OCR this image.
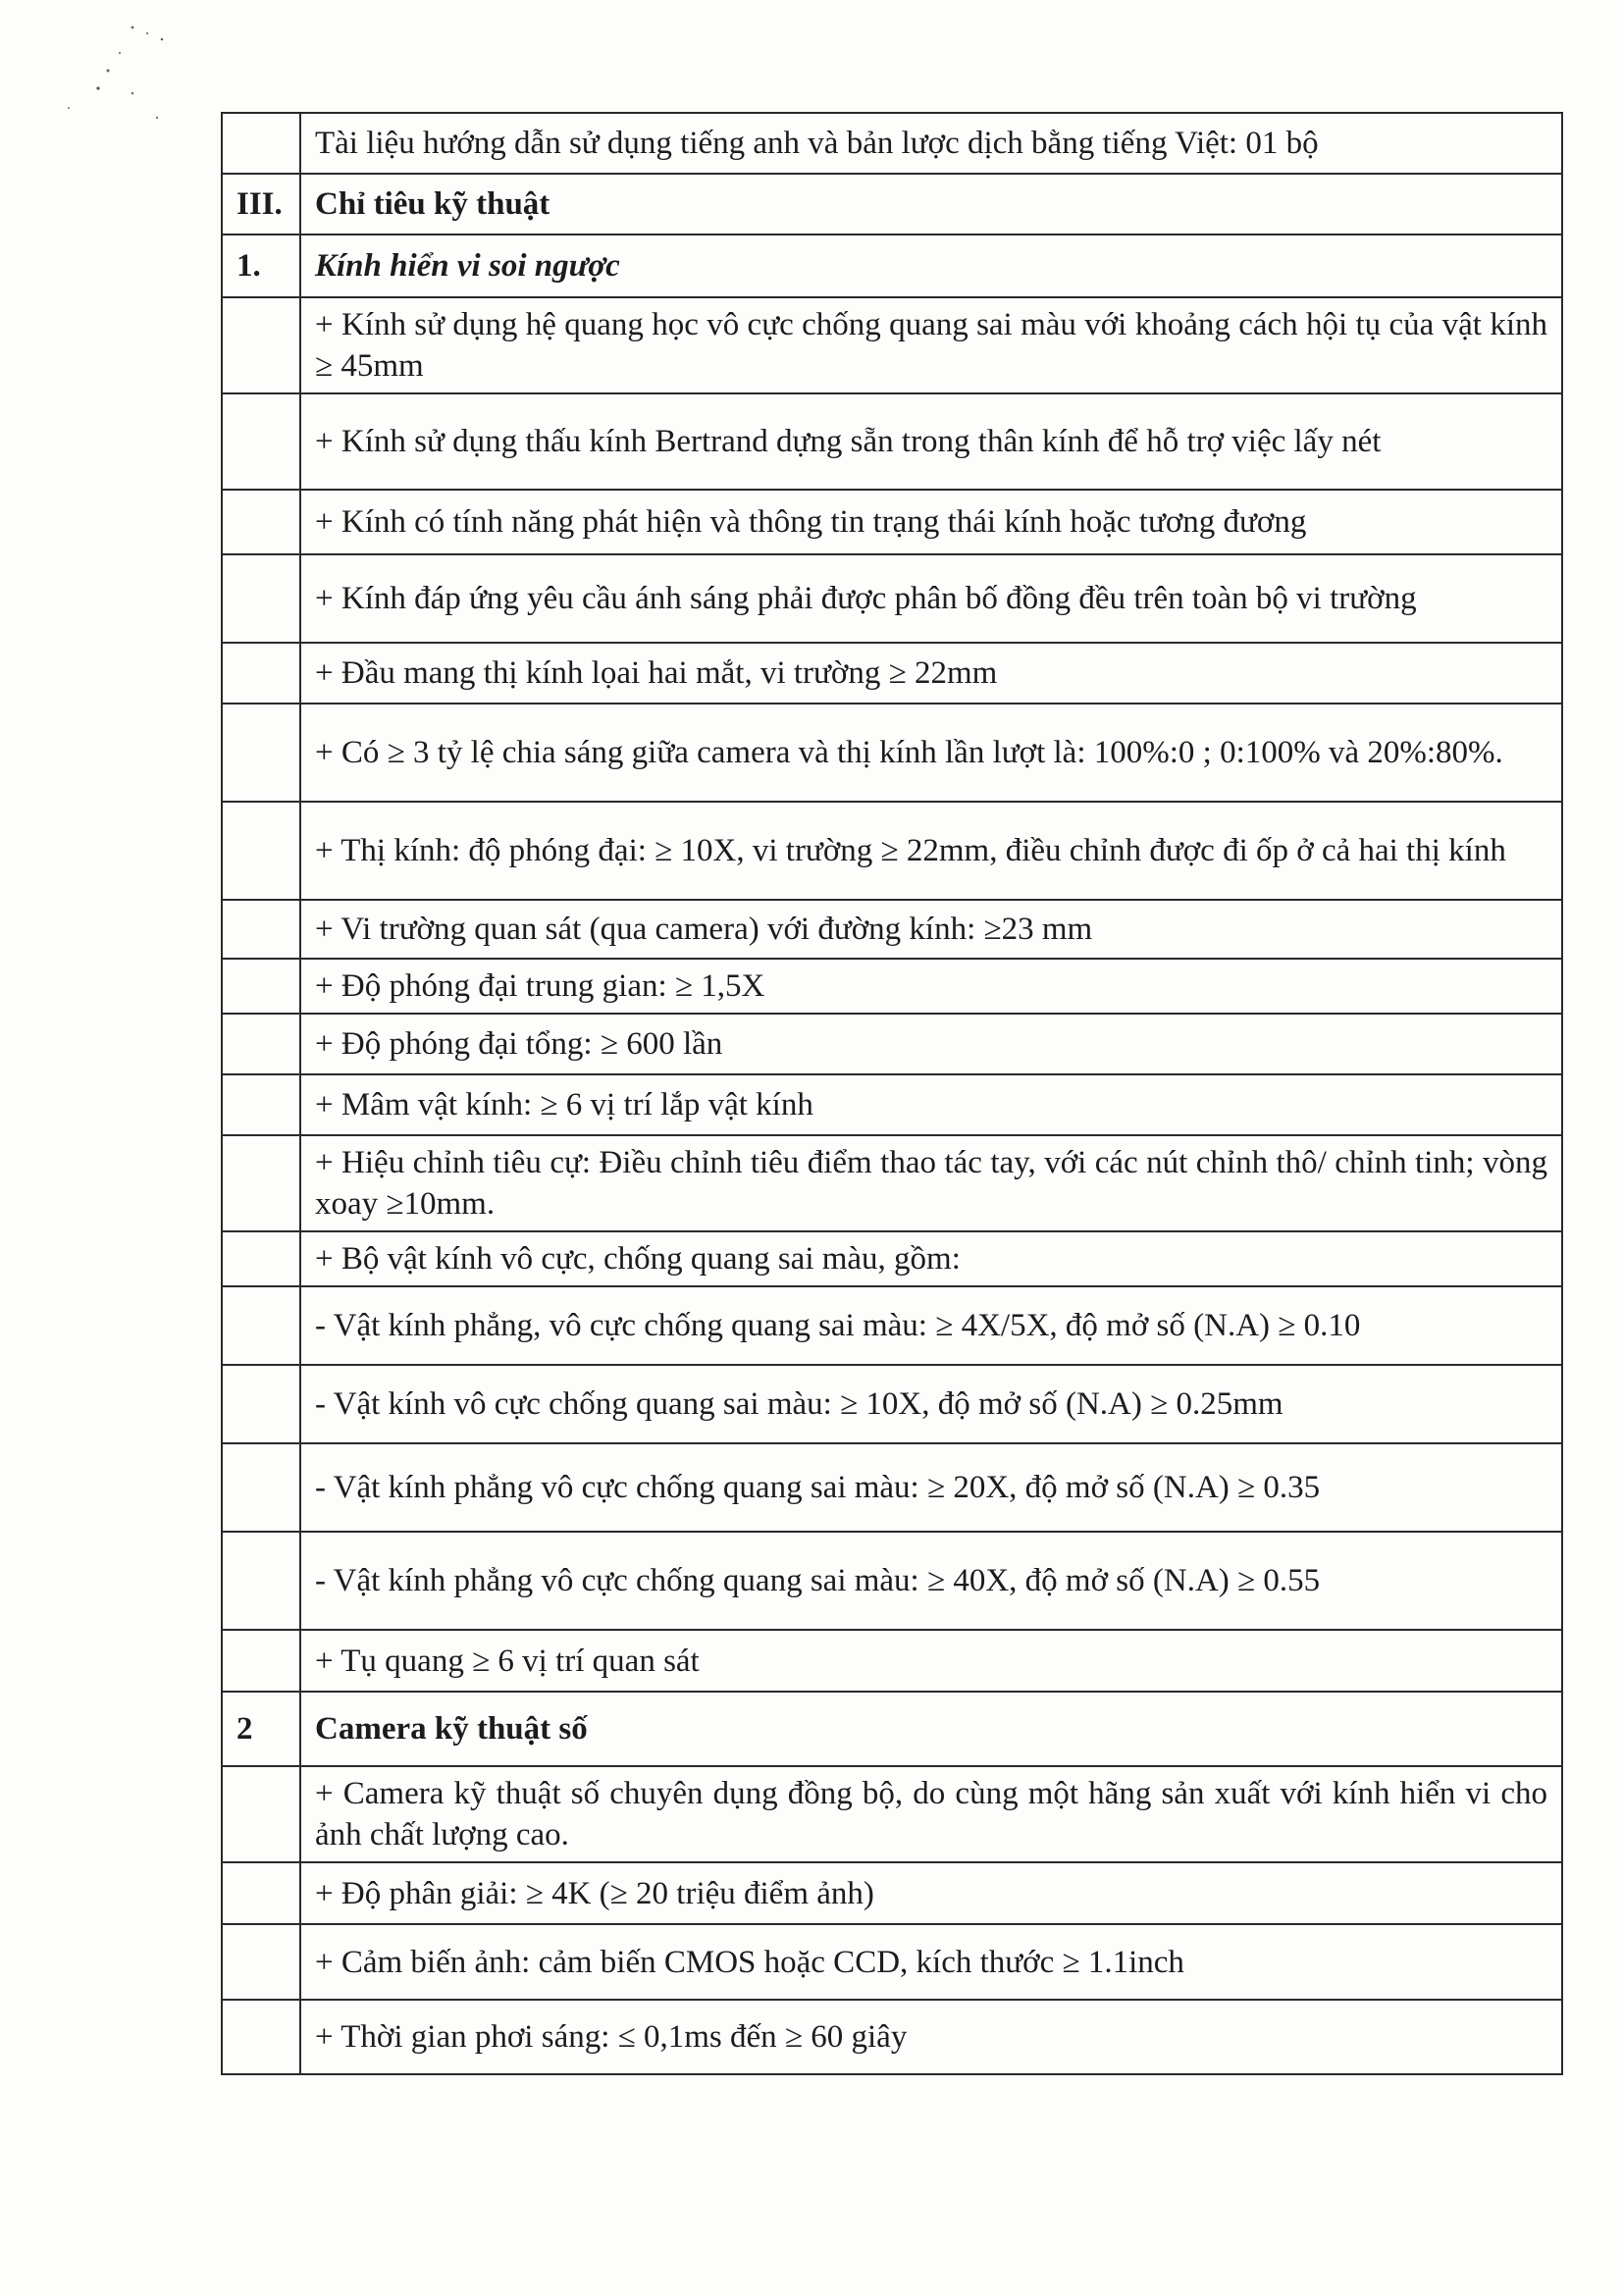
	Tài liệu hướng dẫn sử dụng tiếng anh và bản lược dịch bằng tiếng Việt: 01 bộ
III.	Chỉ tiêu kỹ thuật
1.	Kính hiển vi soi ngược
	+ Kính sử dụng hệ quang học vô cực chống quang sai màu với khoảng cách hội tụ của vật kính ≥ 45mm
	+ Kính sử dụng thấu kính Bertrand dựng sẵn trong thân kính để hỗ trợ việc lấy nét
	+ Kính có tính năng phát hiện và thông tin trạng thái kính hoặc tương đương
	+ Kính đáp ứng yêu cầu ánh sáng phải được phân bố đồng đều trên toàn bộ vi trường
	+ Đầu mang thị kính lọai hai mắt, vi trường ≥ 22mm
	+ Có ≥ 3 tỷ lệ chia sáng giữa camera và thị kính lần lượt là: 100%:0 ; 0:100% và 20%:80%.
	+ Thị kính: độ phóng đại: ≥ 10X, vi trường ≥ 22mm, điều chỉnh được đi ốp ở cả hai thị kính
	+ Vi trường quan sát (qua camera) với đường kính: ≥23 mm
	+ Độ phóng đại trung gian: ≥ 1,5X
	+ Độ phóng đại tổng: ≥ 600 lần
	+ Mâm vật kính: ≥ 6 vị trí lắp vật kính
	+ Hiệu chỉnh tiêu cự: Điều chỉnh tiêu điểm thao tác tay, với các nút chỉnh thô/ chỉnh tinh; vòng xoay ≥10mm.
	+ Bộ vật kính vô cực, chống quang sai màu, gồm:
	- Vật kính phẳng, vô cực chống quang sai màu: ≥ 4X/5X, độ mở số (N.A) ≥ 0.10
	- Vật kính vô cực chống quang sai màu: ≥ 10X, độ mở số (N.A) ≥ 0.25mm
	- Vật kính phẳng vô cực chống quang sai màu: ≥ 20X, độ mở số (N.A) ≥ 0.35
	- Vật kính phẳng vô cực chống quang sai màu: ≥ 40X, độ mở số (N.A) ≥ 0.55
	+ Tụ quang ≥ 6 vị trí quan sát
2	Camera kỹ thuật số
	+ Camera kỹ thuật số chuyên dụng đồng bộ, do cùng một hãng sản xuất với kính hiển vi cho ảnh chất lượng cao.
	+ Độ phân giải: ≥ 4K (≥ 20 triệu điểm ảnh)
	+ Cảm biến ảnh: cảm biến CMOS hoặc CCD, kích thước ≥ 1.1inch
	+ Thời gian phơi sáng: ≤ 0,1ms đến ≥ 60 giây
